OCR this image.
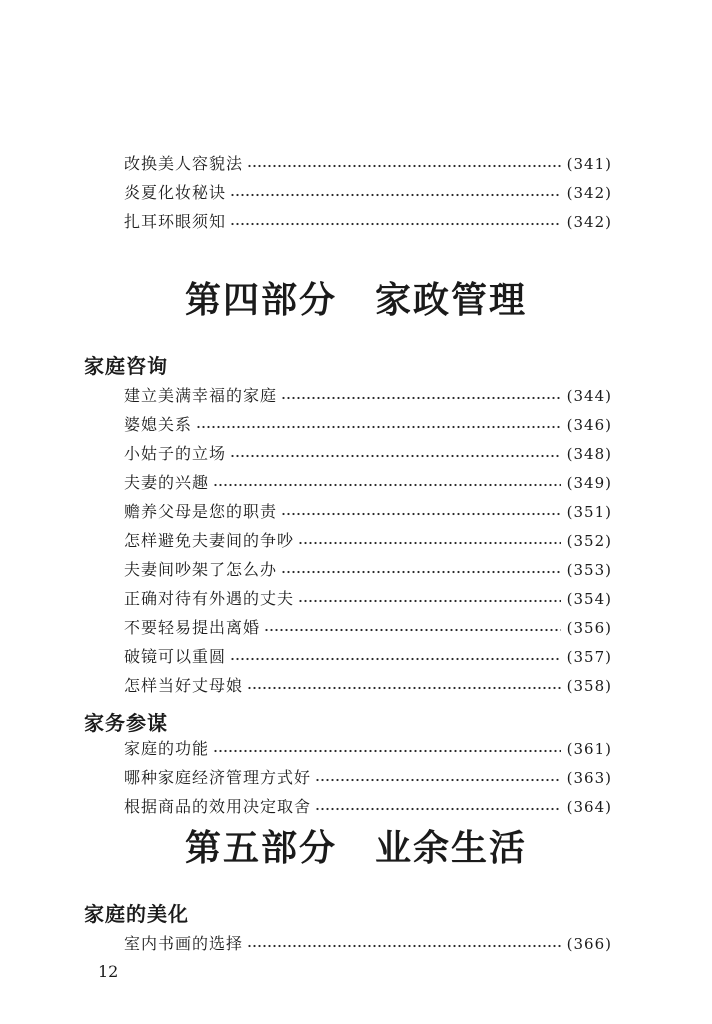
改换美人容貌法	(341)
炎夏化妆秘诀	(342)
扎耳环眼须知	(342)
第四部分 家政管理
家庭咨询
建立美满幸福的家庭	(344)
婆媳关系	(346)
小姑子的立场	(348)
夫妻的兴趣	(349)
赡养父母是您的职责	(351)
怎样避免夫妻间的争吵	(352)
夫妻间吵架了怎么办	(353)
正确对待有外遇的丈夫	(354)
不要轻易提出离婚	(356)
破镜可以重圆	(357)
怎样当好丈母娘	(358)
家务参谋
家庭的功能	(361)
哪种家庭经济管理方式好	(363)
根据商品的效用决定取舍	(364)
第五部分 业余生活
家庭的美化
室内书画的选择	(366)
12
